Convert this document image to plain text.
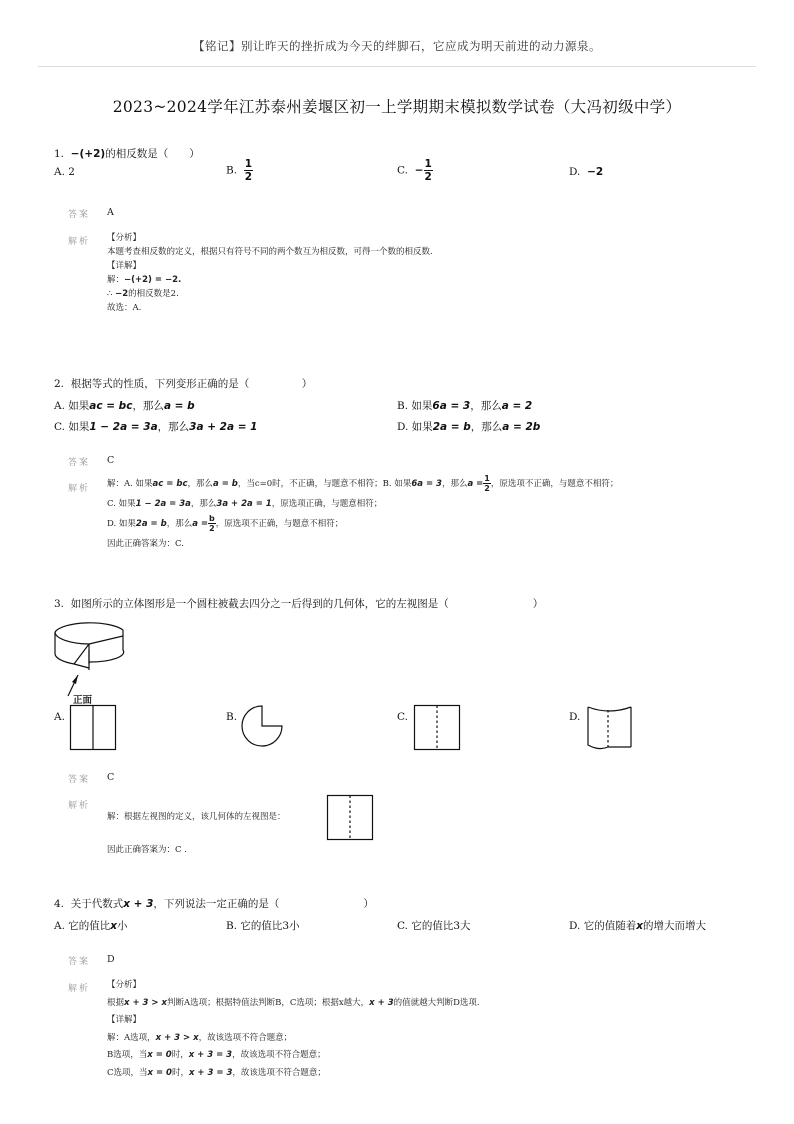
【铭记】别让昨天的挫折成为今天的绊脚石，它应成为明天前进的动力源泉。
2023~2024学年江苏泰州姜堰区初一上学期期末模拟数学试卷（大冯初级中学）
1. −(+2)的相反数是（　　）
A. 2	B. $\frac{1}{2}$	C. − $\frac{1}{2}$	D. −2
答案 A
解析 【分析】
本题考查相反数的定义，根据只有符号不同的两个数互为相反数，可得一个数的相反数.
【详解】
解：−(+2) = −2.
∴ −2的相反数是2.
故选：A.
2. 根据等式的性质，下列变形正确的是（　　　　　）
A. 如果ac = bc，那么a = b	B. 如果6a = 3，那么a = 2
C. 如果1 − 2a = 3a，那么3a + 2a = 1	D. 如果2a = b，那么a = 2b
答案 C
解析 解：A. 如果ac = bc，那么a = b，当c=0时，不正确，与题意不相符；B. 如果6a = 3，那么$a = \frac{1}{2}$ ，原选项不正确，与题意不相符；
C. 如果1 − 2a = 3a，那么3a + 2a = 1，原选项正确，与题意相符；
D. 如果2a = b，那么$a = \frac{b}{2}$ ，原选项不正确，与题意不相符；
因此正确答案为：C.
3. 如图所示的立体图形是一个圆柱被截去四分之一后得到的几何体，它的左视图是（　　　　　　　　）
正面
A.	B.	C.	D.
答案 C
解析
解：根据左视图的定义，该几何体的左视图是：
因此正确答案为：C .
4. 关于代数式x + 3，下列说法一定正确的是（　　　　　　　　）
A. 它的值比x小	B. 它的值比3小	C. 它的值比3大	D. 它的值随着x的增大而增大
答案 D
解析 【分析】
根据x + 3 > x判断A选项；根据特值法判断B，C选项；根据x越大，x + 3的值就越大判断D选项.
【详解】
解：A选项，x + 3 > x，故该选项不符合题意；
B选项，当x = 0时，x + 3 = 3，故该选项不符合题意；
C选项，当x = 0时，x + 3 = 3，故该选项不符合题意；
